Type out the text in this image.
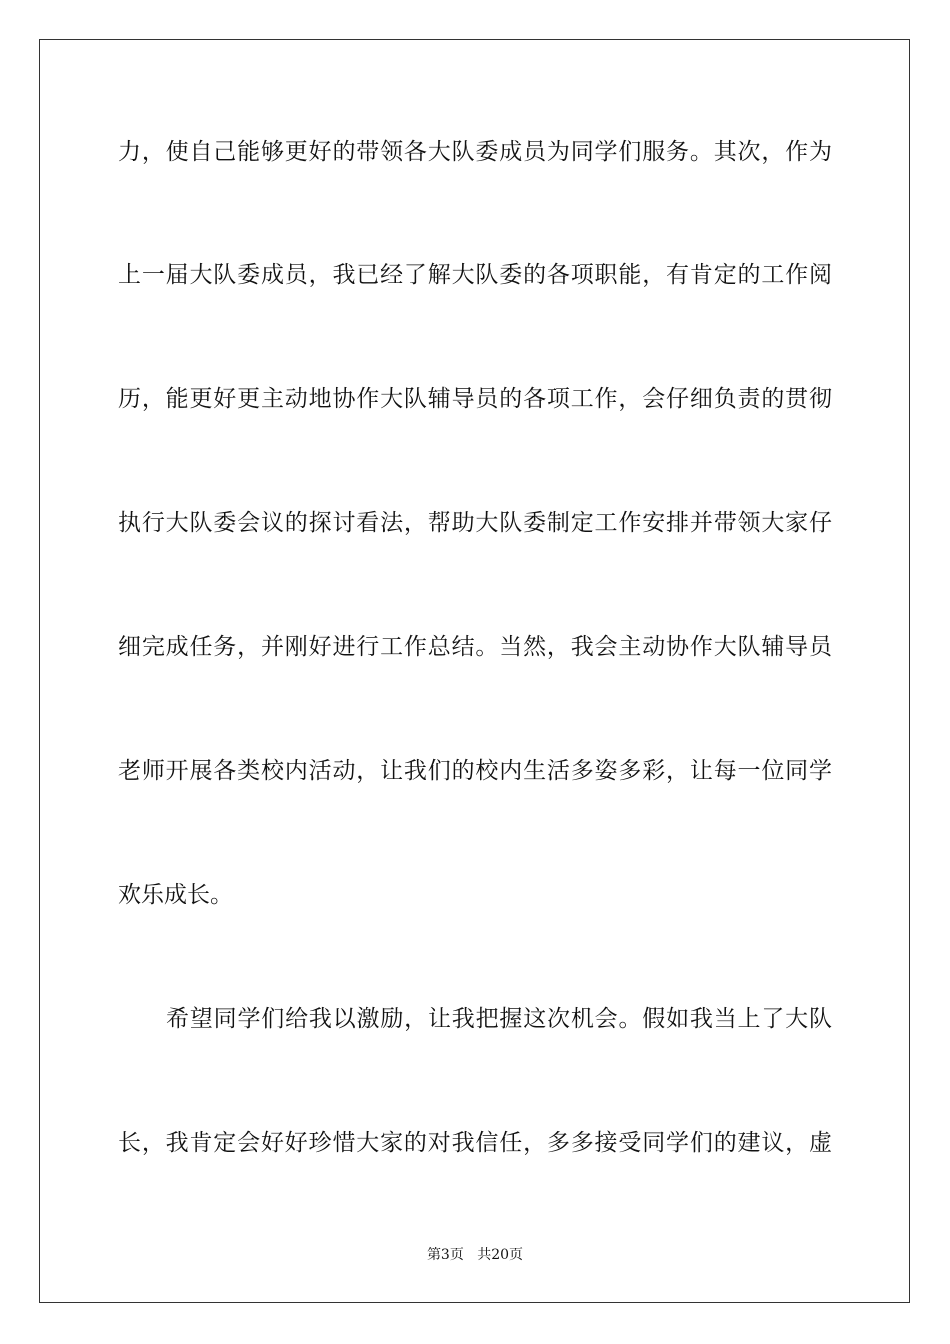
力，使自己能够更好的带领各大队委成员为同学们服务。其次，作为
上一届大队委成员，我已经了解大队委的各项职能，有肯定的工作阅
历，能更好更主动地协作大队辅导员的各项工作，会仔细负责的贯彻
执行大队委会议的探讨看法，帮助大队委制定工作安排并带领大家仔
细完成任务，并刚好进行工作总结。当然，我会主动协作大队辅导员
老师开展各类校内活动，让我们的校内生活多姿多彩，让每一位同学
欢乐成长。
希望同学们给我以激励，让我把握这次机会。假如我当上了大队
长，我肯定会好好珍惜大家的对我信任，多多接受同学们的建议，虚
第3页 共20页
